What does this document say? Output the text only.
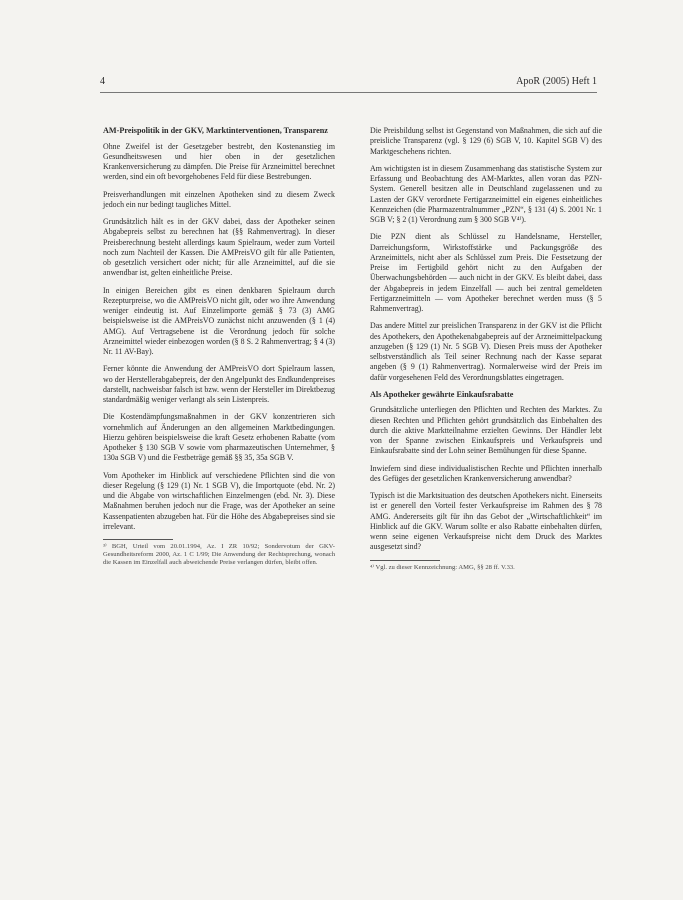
4	ApoR (2005) Heft 1
AM-Preispolitik in der GKV, Marktinterventionen, Transparenz

Ohne Zweifel ist der Gesetzgeber bestrebt, den Kostenanstieg im Gesundheitswesen und hier oben in der gesetzlichen Krankenversicherung zu dämpfen. Die Preise für Arzneimittel berechnet werden, sind ein oft bevorgehobenes Feld für diese Bestrebungen.

Preisverhandlungen mit einzelnen Apotheken sind zu diesem Zweck jedoch ein nur bedingt taugliches Mittel.

Grundsätzlich hält es in der GKV dabei, dass der Apotheker seinen Abgabepreis selbst zu berechnen hat (§§ Rahmenvertrag). In dieser Preisberechnung besteht allerdings kaum Spielraum, weder zum Vorteil noch zum Nachteil der Kassen. Die AMPreisVO gilt für alle Patienten, ob gesetzlich versichert oder nicht; für alle Arzneimittel, auf die sie anwendbar ist, gelten einheitliche Preise.

In einigen Bereichen gibt es einen denkbaren Spielraum durch Rezepturpreise, wo die AMPreisVO nicht gilt, oder wo ihre Anwendung weniger eindeutig ist. Auf Einzelimporte gemäß § 73 (3) AMG beispielsweise ist die AMPreisVO zunächst nicht anzuwenden (§ 1 (4) AMG). Auf Vertragsebene ist die Verordnung jedoch für solche Arzneimittel wieder einbezogen worden (§ 8 S. 2 Rahmenvertrag; § 4 (3) Nr. 11 AV-Bay).

Ferner könnte die Anwendung der AMPreisVO dort Spielraum lassen, wo der Herstellerabgabepreis, der den Angelpunkt des Endkundenpreises darstellt, nachweisbar falsch ist bzw. wenn der Hersteller im Direktbezug standardmäßig weniger verlangt als sein Listenpreis.

Die Kostendämpfungsmaßnahmen in der GKV konzentrieren sich vornehmlich auf Änderungen an den allgemeinen Marktbedingungen. Hierzu gehören beispielsweise die kraft Gesetz erhobenen Rabatte (vom Apotheker § 130 SGB V sowie vom pharmazeutischen Unternehmer, § 130a SGB V) und die Festbeträge gemäß §§ 35, 35a SGB V.

Vom Apotheker im Hinblick auf verschiedene Pflichten sind die von dieser Regelung (§ 129 (1) Nr. 1 SGB V), die Importquote (ebd. Nr. 2) und die Abgabe von wirtschaftlichen Einzelmengen (ebd. Nr. 3). Diese Maßnahmen beruhen jedoch nur die Frage, was der Apotheker an seine Kassenpatienten abzugeben hat. Für die Höhe des Abgabepreises sind sie irrelevant.

³⁾ BGH, Urteil vom 20.01.1994, Az. I ZR 10/92; Sondervotum der GKV-Gesundheitsreform 2000, Az. 1 C 1/99; Die Anwendung der Rechtsprechung, wonach die Kassen im Einzelfall auch abweichende Preise verlangen dürfen, bleibt offen.

Die Preisbildung selbst ist Gegenstand von Maßnahmen, die sich auf die preisliche Transparenz (vgl. § 129 (6) SGB V, 10. Kapitel SGB V) des Marktgeschehens richten.

Am wichtigsten ist in diesem Zusammenhang das statistische System zur Erfassung und Beobachtung des AM-Marktes, allen voran das PZN-System. Generell besitzen alle in Deutschland zugelassenen und zu Lasten der GKV verordnete Fertigarzneimittel ein eigenes einheitliches Kennzeichen (die Pharmazentralnummer „PZN“, § 131 (4) S. 2001 Nr. 1 SGB V; § 2 (1) Verordnung zum § 300 SGB V⁴⁾).

Die PZN dient als Schlüssel zu Handelsname, Hersteller, Darreichungsform, Wirkstoffstärke und Packungsgröße des Arzneimittels, nicht aber als Schlüssel zum Preis. Die Festsetzung der Preise im Fertigbild gehört nicht zu den Aufgaben der Überwachungsbehörden — auch nicht in der GKV. Es bleibt dabei, dass der Abgabepreis in jedem Einzelfall — auch bei zentral gemeldeten Fertigarzneimitteln — vom Apotheker berechnet werden muss (§ 5 Rahmenvertrag).

Das andere Mittel zur preislichen Transparenz in der GKV ist die Pflicht des Apothekers, den Apothekenabgabepreis auf der Arzneimittelpackung anzugeben (§ 129 (1) Nr. 5 SGB V). Diesen Preis muss der Apotheker selbstverständlich als Teil seiner Rechnung nach der Kasse separat angeben (§ 9 (1) Rahmenvertrag). Normalerweise wird der Preis im dafür vorgesehenen Feld des Verordnungsblattes eingetragen.

Als Apotheker gewährte Einkaufsrabatte

Grundsätzliche unterliegen den Pflichten und Rechten des Marktes. Zu diesen Rechten und Pflichten gehört grundsätzlich das Einbehalten des durch die aktive Marktteilnahme erzielten Gewinns. Der Händler lebt von der Spanne zwischen Einkaufspreis und Verkaufspreis und Einkaufsrabatte sind der Lohn seiner Bemühungen für diese Spanne.

Inwiefern sind diese individualistischen Rechte und Pflichten innerhalb des Gefüges der gesetzlichen Krankenversicherung anwendbar?

Typisch ist die Marktsituation des deutschen Apothekers nicht. Einerseits ist er generell den Vorteil fester Verkaufspreise im Rahmen des § 78 AMG. Andererseits gilt für ihn das Gebot der „Wirtschaftlichkeit“ im Hinblick auf die GKV. Warum sollte er also Rabatte einbehalten dürfen, wenn seine eigenen Verkaufspreise nicht dem Druck des Marktes ausgesetzt sind?

⁴⁾ Vgl. zu dieser Kennzeichnung: AMG, §§ 28 ff. V.33.
